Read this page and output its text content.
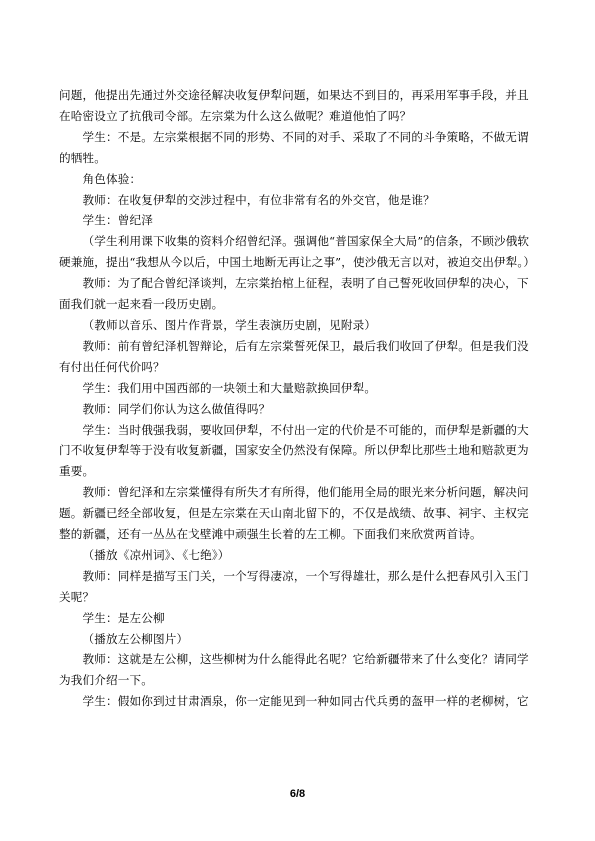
问题，他提出先通过外交途径解决收复伊犁问题，如果达不到目的，再采用军事手段，并且在哈密设立了抗俄司令部。左宗棠为什么这么做呢？难道他怕了吗？

学生：不是。左宗棠根据不同的形势、不同的对手、采取了不同的斗争策略，不做无谓的牺牲。

角色体验：

教师：在收复伊犁的交涉过程中，有位非常有名的外交官，他是谁？

学生：曾纪泽

（学生利用课下收集的资料介绍曾纪泽。强调他“普国家保全大局”的信条，不顾沙俄软硬兼施，提出“我想从今以后，中国土地断无再让之事”，使沙俄无言以对，被迫交出伊犁。）

教师：为了配合曾纪泽谈判，左宗棠抬棺上征程，表明了自己誓死收回伊犁的决心，下面我们就一起来看一段历史剧。

（教师以音乐、图片作背景，学生表演历史剧，见附录）

教师：前有曾纪泽机智辩论，后有左宗棠誓死保卫，最后我们收回了伊犁。但是我们没有付出任何代价吗？

学生：我们用中国西部的一块领土和大量赔款换回伊犁。

教师：同学们你认为这么做值得吗？

学生：当时俄强我弱，要收回伊犁，不付出一定的代价是不可能的，而伊犁是新疆的大门不收复伊犁等于没有收复新疆，国家安全仍然没有保障。所以伊犁比那些土地和赔款更为重要。

教师：曾纪泽和左宗棠懂得有所失才有所得，他们能用全局的眼光来分析问题，解决问题。新疆已经全部收复，但是左宗棠在天山南北留下的，不仅是战绩、故事、祠宇、主权完整的新疆，还有一丛丛在戈壁滩中顽强生长着的左工柳。下面我们来欣赏两首诗。

（播放《凉州词》、《七绝》）

教师：同样是描写玉门关，一个写得凄凉，一个写得雄壮，那么是什么把春风引入玉门关呢？

学生：是左公柳

（播放左公柳图片）

教师：这就是左公柳，这些柳树为什么能得此名呢？它给新疆带来了什么变化？请同学为我们介绍一下。

学生：假如你到过甘肃酒泉，你一定能见到一种如同古代兵勇的盔甲一样的老柳树，它

6/8
